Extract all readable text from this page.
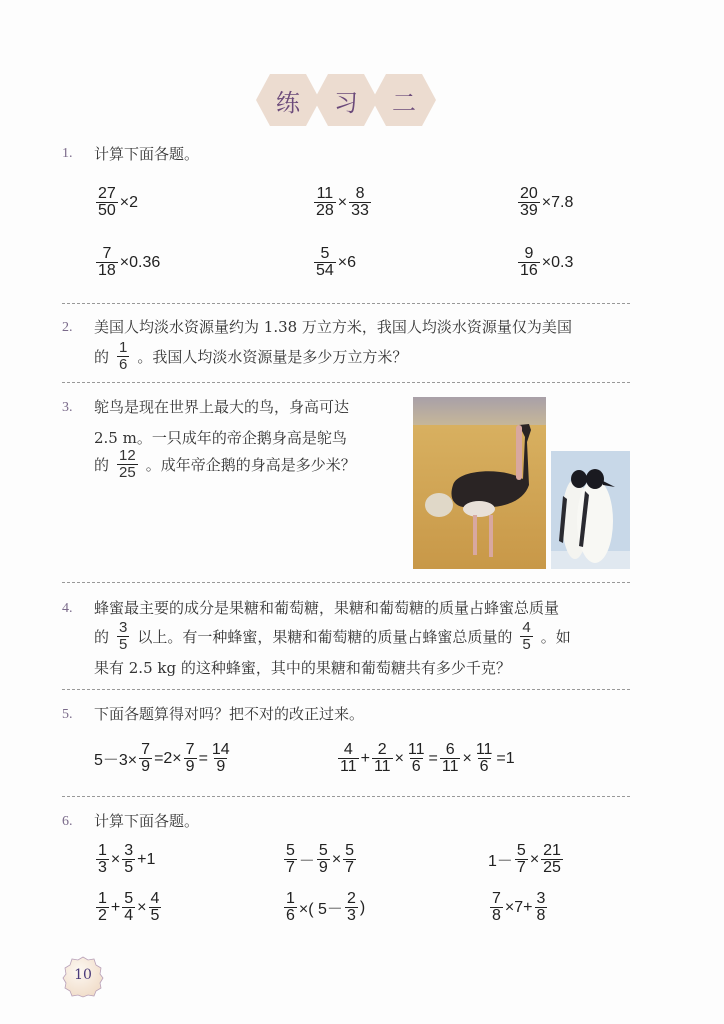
练 习 二
1. 计算下面各题。
$\frac{27}{50} \times 2$	$\frac{11}{28} \times \frac{8}{33}$	$\frac{20}{39} \times 7.8$
$\frac{7}{18} \times 0.36$	$\frac{5}{54} \times 6$	$\frac{9}{16} \times 0.3$
2. 美国人均淡水资源量约为 1.38 万立方米，我国人均淡水资源量仅为美国
的 $\frac{1}{6}$ 。我国人均淡水资源量是多少万立方米？
3. 鸵鸟是现在世界上最大的鸟，身高可达
2.5 m。一只成年的帝企鹅身高是鸵鸟
的 $\frac{12}{25}$ 。成年帝企鹅的身高是多少米？
4. 蜂蜜最主要的成分是果糖和葡萄糖，果糖和葡萄糖的质量占蜂蜜总质量
的 $\frac{3}{5}$ 以上。有一种蜂蜜，果糖和葡萄糖的质量占蜂蜜总质量的 $\frac{4}{5}$ 。如
果有 2.5 kg 的这种蜂蜜，其中的果糖和葡萄糖共有多少千克？
5. 下面各题算得对吗？把不对的改正过来。
$5-3\times \frac{7}{9} =2\times \frac{7}{9} = \frac{14}{9}$	$\frac{4}{11} + \frac{2}{11} \times \frac{11}{6} = \frac{6}{11} \times \frac{11}{6} =1$
6. 计算下面各题。
$\frac{1}{3} \times \frac{3}{5} +1$	$\frac{5}{7} - \frac{5}{9} \times \frac{5}{7}$	$1- \frac{5}{7} \times \frac{21}{25}$
$\frac{1}{2} + \frac{5}{4} \times \frac{4}{5}$	$\frac{1}{6}$ ×( $5- \frac{2}{3}$ )	$\frac{7}{8} \times 7+ \frac{3}{8}$
10
